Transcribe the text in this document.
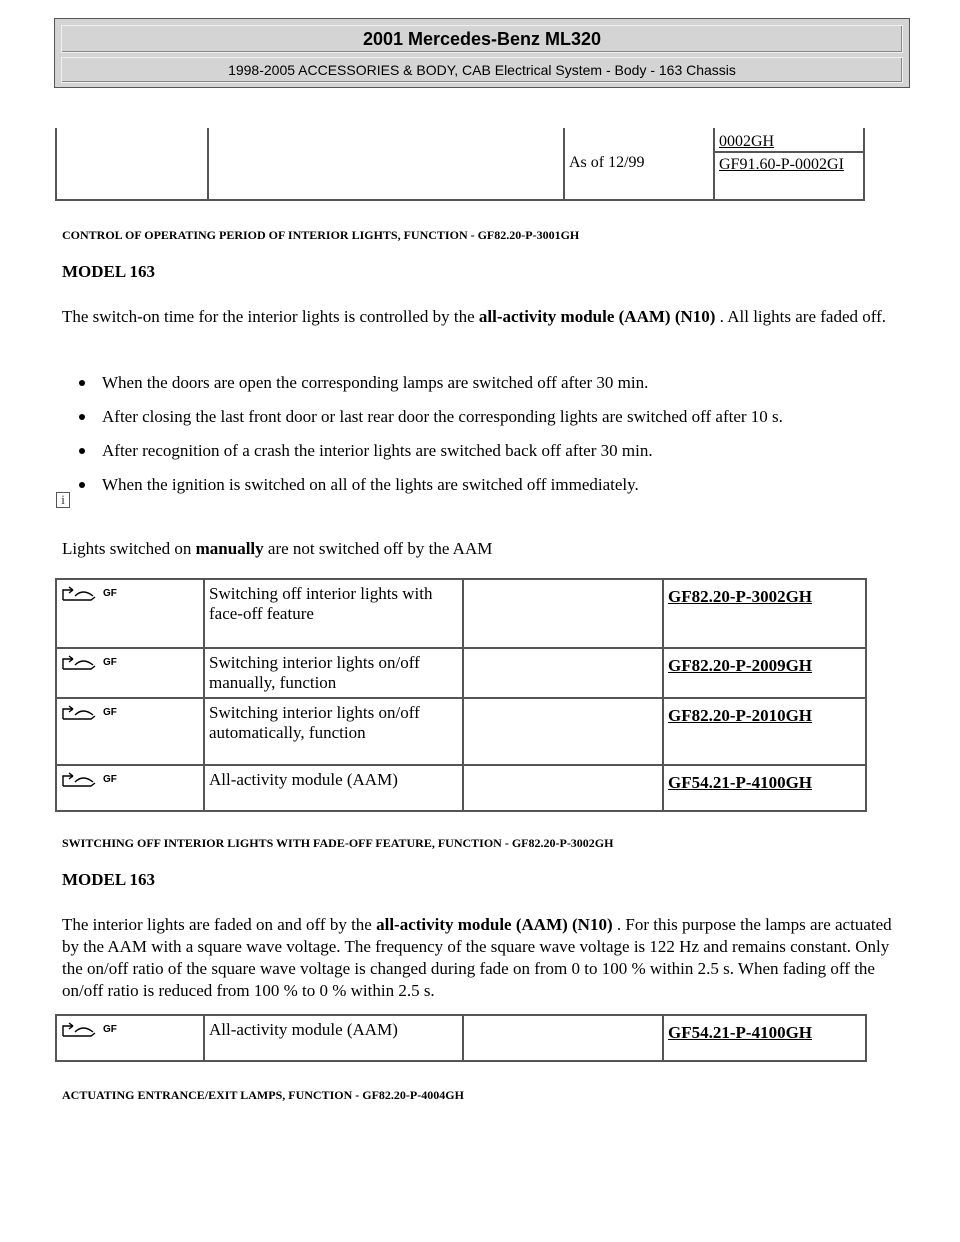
2001 Mercedes-Benz ML320
1998-2005 ACCESSORIES & BODY, CAB Electrical System - Body - 163 Chassis
			0002GH
		As of 12/99	GF91.60-P-0002GI
CONTROL OF OPERATING PERIOD OF INTERIOR LIGHTS, FUNCTION - GF82.20-P-3001GH
MODEL 163

The switch-on time for the interior lights is controlled by the all-activity module (AAM) (N10) . All lights are faded off.

When the doors are open the corresponding lamps are switched off after 30 min.
After closing the last front door or last rear door the corresponding lights are switched off after 10 s.
After recognition of a crash the interior lights are switched back off after 30 min.
When the ignition is switched on all of the lights are switched off immediately.
i

Lights switched on manually are not switched off by the AAM

GF	Switching off interior lights with face-off feature		GF82.20-P-3002GH

GF	Switching interior lights on/off manually, function		GF82.20-P-2009GH

GF	Switching interior lights on/off automatically, function		GF82.20-P-2010GH

GF	All-activity module (AAM)		GF54.21-P-4100GH
SWITCHING OFF INTERIOR LIGHTS WITH FADE-OFF FEATURE, FUNCTION - GF82.20-P-3002GH
MODEL 163

The interior lights are faded on and off by the all-activity module (AAM) (N10) . For this purpose the lamps are actuated by the AAM with a square wave voltage. The frequency of the square wave voltage is 122 Hz and remains constant. Only the on/off ratio of the square wave voltage is changed during fade on from 0 to 100 % within 2.5 s. When fading off the on/off ratio is reduced from 100 % to 0 % within 2.5 s.

GF	All-activity module (AAM)		GF54.21-P-4100GH
ACTUATING ENTRANCE/EXIT LAMPS, FUNCTION - GF82.20-P-4004GH
